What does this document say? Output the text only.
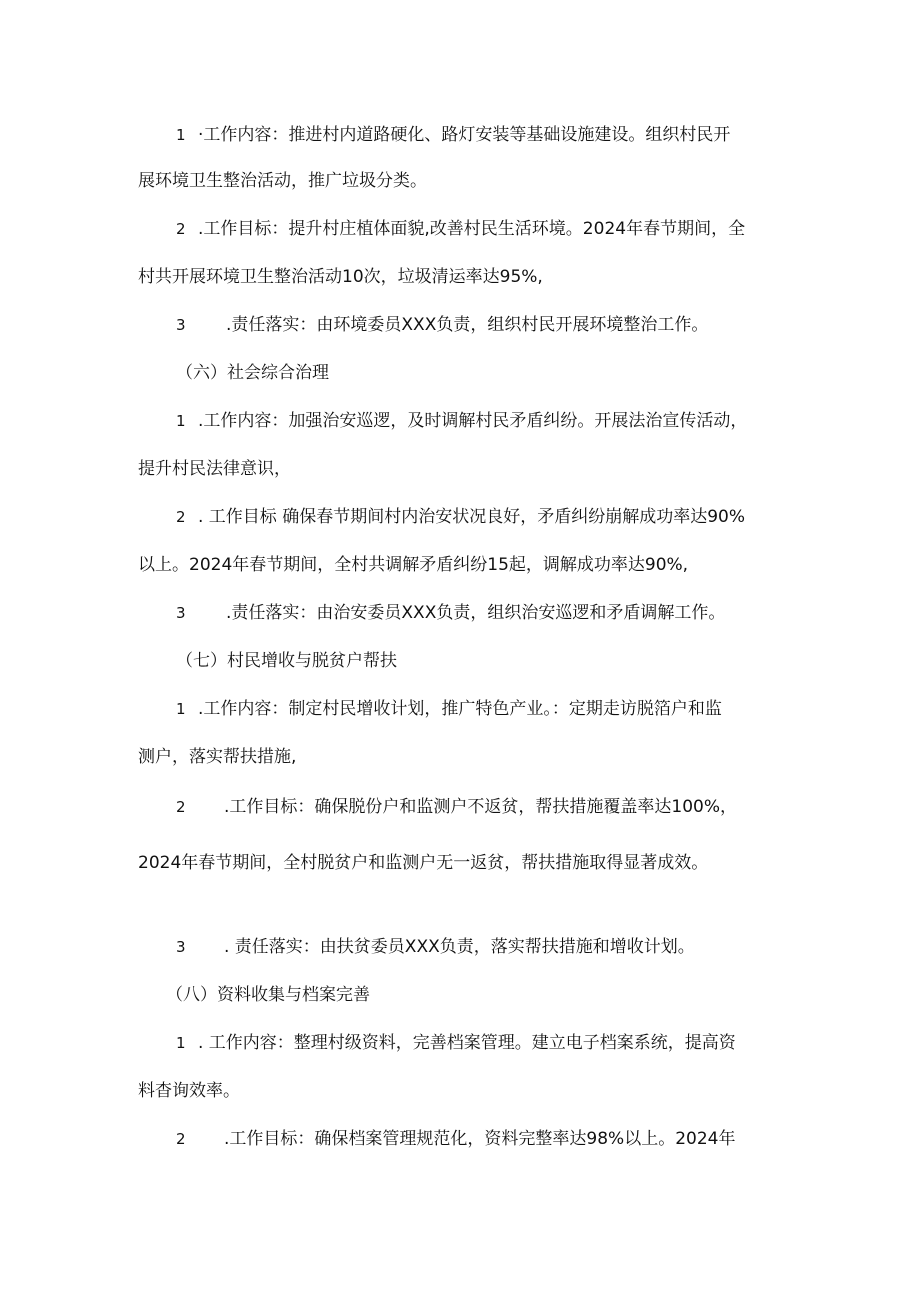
1 ·工作内容：推进村内道路硬化、路灯安装等基础设施建设。组织村民开

展环境卫生整治活动，推广垃圾分类。

2 .工作目标：提升村庄植体面貌,改善村民生活环境。2024年春节期间，全

村共开展环境卫生整治活动10次，垃圾清运率达95%,

3 .责任落实：由环境委员XXX负责，组织村民开展环境整治工作。

（六）社会综合治理

1 .工作内容：加强治安巡逻，及时调解村民矛盾纠纷。开展法治宣传活动，

提升村民法律意识，

2 . 工作目标 确保春节期间村内治安状况良好，矛盾纠纷崩解成功率达90%

以上。2024年春节期间，全村共调解矛盾纠纷15起，调解成功率达90%,

3 .责任落实：由治安委员XXX负责，组织治安巡逻和矛盾调解工作。

（七）村民增收与脱贫户帮扶

1 .工作内容：制定村民增收计划，推广特色产业。：定期走访脱箔户和监

测户，落实帮扶措施,

2 .工作目标：确保脱份户和监测户不返贫，帮扶措施覆盖率达100%，

2024年春节期间，全村脱贫户和监测户无一返贫，帮扶措施取得显著成效。

3 . 责任落实：由扶贫委员XXX负责，落实帮扶措施和增收计划。

（八）资料收集与档案完善

1 . 工作内容：整理村级资料，完善档案管理。建立电子档案系统，提高资

料杳询效率。

2 .工作目标：确保档案管理规范化，资料完整率达98%以上。2024年
